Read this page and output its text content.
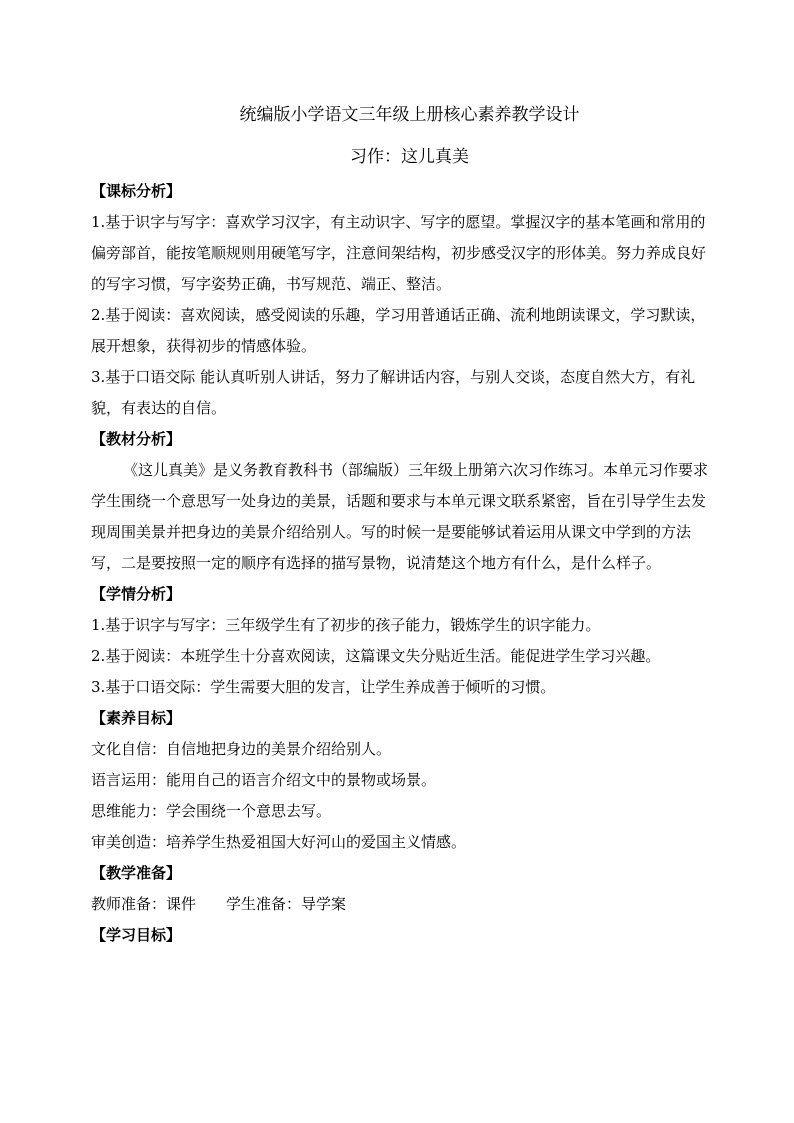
统编版小学语文三年级上册核心素养教学设计
习作：这儿真美

【课标分析】

1.基于识字与写字：喜欢学习汉字，有主动识字、写字的愿望。掌握汉字的基本笔画和常用的偏旁部首，能按笔顺规则用硬笔写字，注意间架结构，初步感受汉字的形体美。努力养成良好的写字习惯，写字姿势正确，书写规范、端正、整洁。

2.基于阅读：喜欢阅读，感受阅读的乐趣，学习用普通话正确、流利地朗读课文，学习默读，展开想象，获得初步的情感体验。

3.基于口语交际 能认真听别人讲话，努力了解讲话内容，与别人交谈，态度自然大方，有礼貌，有表达的自信。

【教材分析】

《这儿真美》是义务教育教科书（部编版）三年级上册第六次习作练习。本单元习作要求学生围绕一个意思写一处身边的美景，话题和要求与本单元课文联系紧密，旨在引导学生去发现周围美景并把身边的美景介绍给别人。写的时候一是要能够试着运用从课文中学到的方法写，二是要按照一定的顺序有选择的描写景物，说清楚这个地方有什么，是什么样子。

【学情分析】

1.基于识字与写字：三年级学生有了初步的孩子能力，锻炼学生的识字能力。

2.基于阅读：本班学生十分喜欢阅读，这篇课文失分贴近生活。能促进学生学习兴趣。

3.基于口语交际：学生需要大胆的发言，让学生养成善于倾听的习惯。

【素养目标】

文化自信：自信地把身边的美景介绍给别人。

语言运用：能用自己的语言介绍文中的景物或场景。

思维能力：学会围绕一个意思去写。

审美创造：培养学生热爱祖国大好河山的爱国主义情感。

【教学准备】

教师准备：课件　　学生准备：导学案

【学习目标】
